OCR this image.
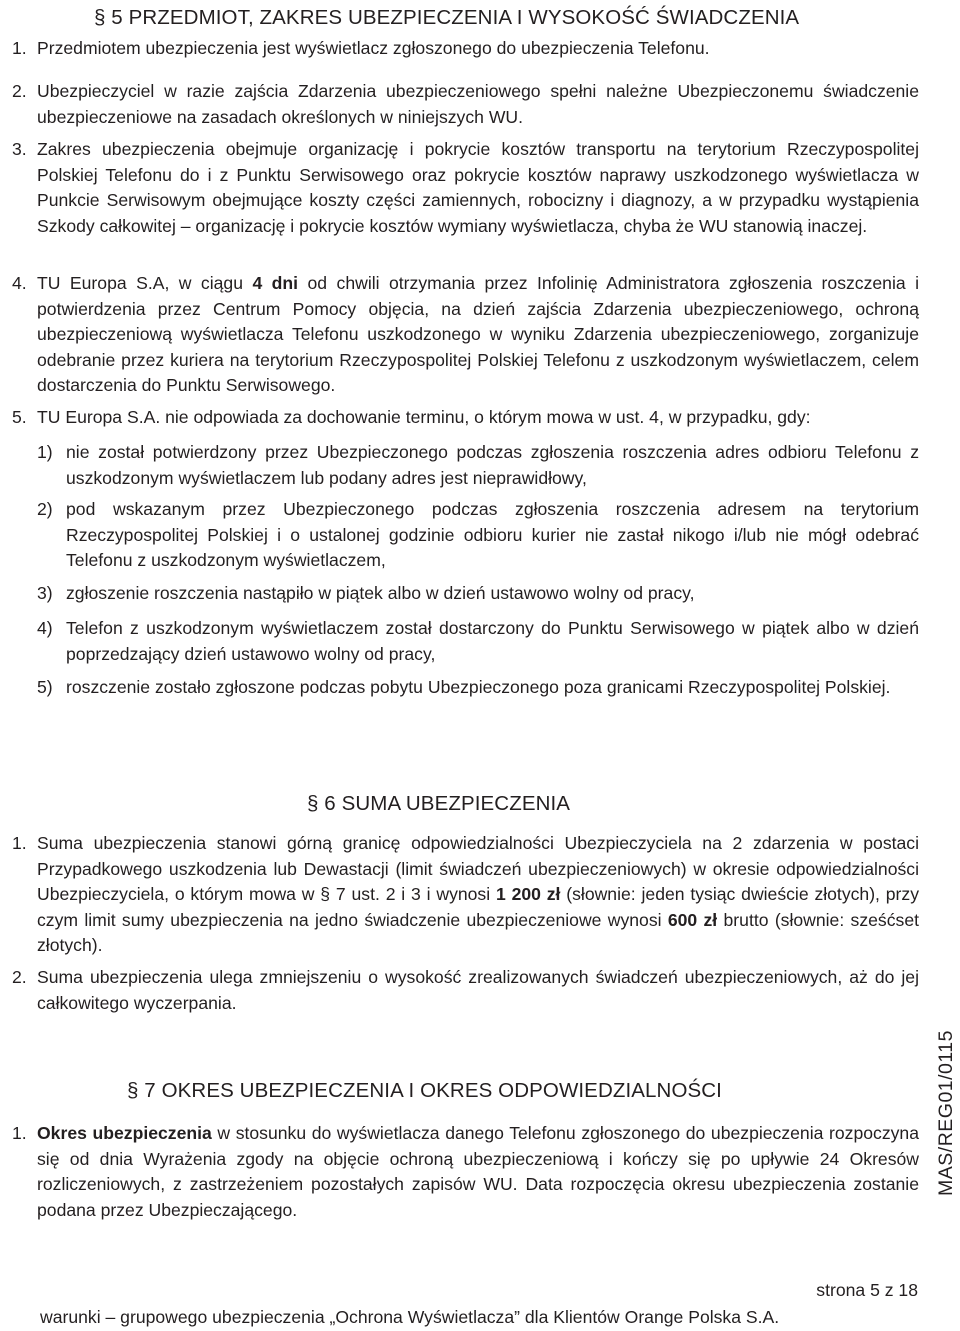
§ 5 PRZEDMIOT, ZAKRES UBEZPIECZENIA I WYSOKOŚĆ ŚWIADCZENIA
1. Przedmiotem ubezpieczenia jest wyświetlacz zgłoszonego do ubezpieczenia Telefonu.
2. Ubezpieczyciel w razie zajścia Zdarzenia ubezpieczeniowego spełni należne Ubezpieczonemu świadczenie ubezpieczeniowe na zasadach określonych w niniejszych WU.
3. Zakres ubezpieczenia obejmuje organizację i pokrycie kosztów transportu na terytorium Rzeczypospolitej Polskiej Telefonu do i z Punktu Serwisowego oraz pokrycie kosztów naprawy uszkodzonego wyświetlacza w Punkcie Serwisowym obejmujące koszty części zamiennych, robocizny i diagnozy, a w przypadku wystąpienia Szkody całkowitej – organizację i pokrycie kosztów wymiany wyświetlacza, chyba że WU stanowią inaczej.
4. TU Europa S.A, w ciągu 4 dni od chwili otrzymania przez Infolinię Administratora zgłoszenia roszczenia i potwierdzenia przez Centrum Pomocy objęcia, na dzień zajścia Zdarzenia ubezpieczeniowego, ochroną ubezpieczeniową wyświetlacza Telefonu uszkodzonego w wyniku Zdarzenia ubezpieczeniowego, zorganizuje odebranie przez kuriera na terytorium Rzeczypospolitej Polskiej Telefonu z uszkodzonym wyświetlaczem, celem dostarczenia do Punktu Serwisowego.
5. TU Europa S.A. nie odpowiada za dochowanie terminu, o którym mowa w ust. 4, w przypadku, gdy:
1) nie został potwierdzony przez Ubezpieczonego podczas zgłoszenia roszczenia adres odbioru Telefonu z uszkodzonym wyświetlaczem lub podany adres jest nieprawidłowy,
2) pod wskazanym przez Ubezpieczonego podczas zgłoszenia roszczenia adresem na terytorium Rzeczypospolitej Polskiej i o ustalonej godzinie odbioru kurier nie zastał nikogo i/lub nie mógł odebrać Telefonu z uszkodzonym wyświetlaczem,
3) zgłoszenie roszczenia nastąpiło w piątek albo w dzień ustawowo wolny od pracy,
4) Telefon z uszkodzonym wyświetlaczem został dostarczony do Punktu Serwisowego w piątek albo w dzień poprzedzający dzień ustawowo wolny od pracy,
5) roszczenie zostało zgłoszone podczas pobytu Ubezpieczonego poza granicami Rzeczypospolitej Polskiej.
§ 6 SUMA UBEZPIECZENIA
1. Suma ubezpieczenia stanowi górną granicę odpowiedzialności Ubezpieczyciela na 2 zdarzenia w postaci Przypadkowego uszkodzenia lub Dewastacji (limit świadczeń ubezpieczeniowych) w okresie odpowiedzialności Ubezpieczyciela, o którym mowa w § 7 ust. 2 i 3 i wynosi 1 200 zł (słownie: jeden tysiąc dwieście złotych), przy czym limit sumy ubezpieczenia na jedno świadczenie ubezpieczeniowe wynosi 600 zł brutto (słownie: sześćset złotych).
2. Suma ubezpieczenia ulega zmniejszeniu o wysokość zrealizowanych świadczeń ubezpieczeniowych, aż do jej całkowitego wyczerpania.
§ 7 OKRES UBEZPIECZENIA I OKRES ODPOWIEDZIALNOŚCI
1. Okres ubezpieczenia w stosunku do wyświetlacza danego Telefonu zgłoszonego do ubezpieczenia rozpoczyna się od dnia Wyrażenia zgody na objęcie ochroną ubezpieczeniową i kończy się po upływie 24 Okresów rozliczeniowych, z zastrzeżeniem pozostałych zapisów WU. Data rozpoczęcia okresu ubezpieczenia zostanie podana przez Ubezpieczającego.
MAS/REG01/0115
strona 5 z 18
warunki – grupowego ubezpieczenia „Ochrona Wyświetlacza” dla Klientów Orange Polska S.A.
